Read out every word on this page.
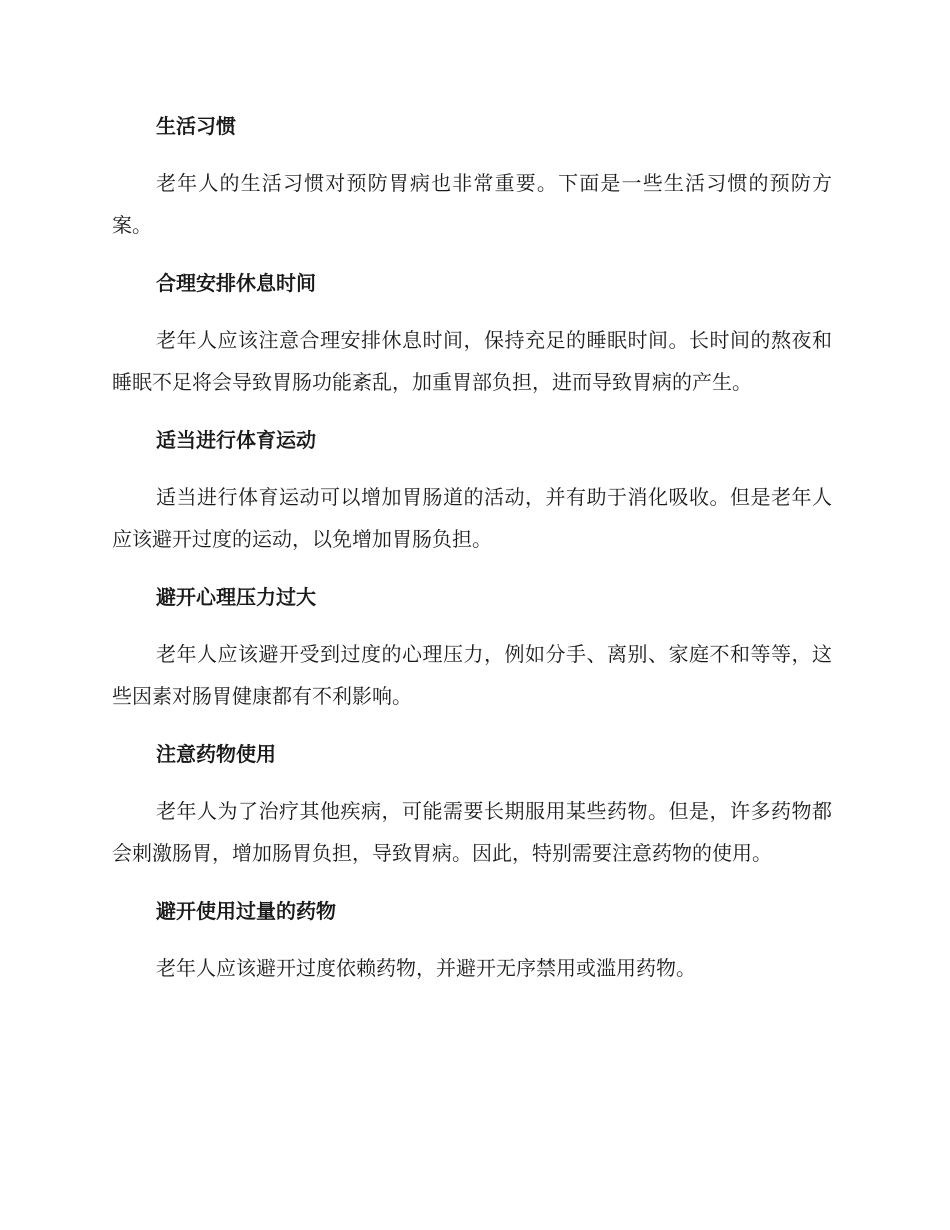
生活习惯
老年人的生活习惯对预防胃病也非常重要。下面是一些生活习惯的预防方案。
合理安排休息时间
老年人应该注意合理安排休息时间，保持充足的睡眠时间。长时间的熬夜和睡眠不足将会导致胃肠功能紊乱，加重胃部负担，进而导致胃病的产生。
适当进行体育运动
适当进行体育运动可以增加胃肠道的活动，并有助于消化吸收。但是老年人应该避开过度的运动，以免增加胃肠负担。
避开心理压力过大
老年人应该避开受到过度的心理压力，例如分手、离别、家庭不和等等，这些因素对肠胃健康都有不利影响。
注意药物使用
老年人为了治疗其他疾病，可能需要长期服用某些药物。但是，许多药物都会刺激肠胃，增加肠胃负担，导致胃病。因此，特别需要注意药物的使用。
避开使用过量的药物
老年人应该避开过度依赖药物，并避开无序禁用或滥用药物。
